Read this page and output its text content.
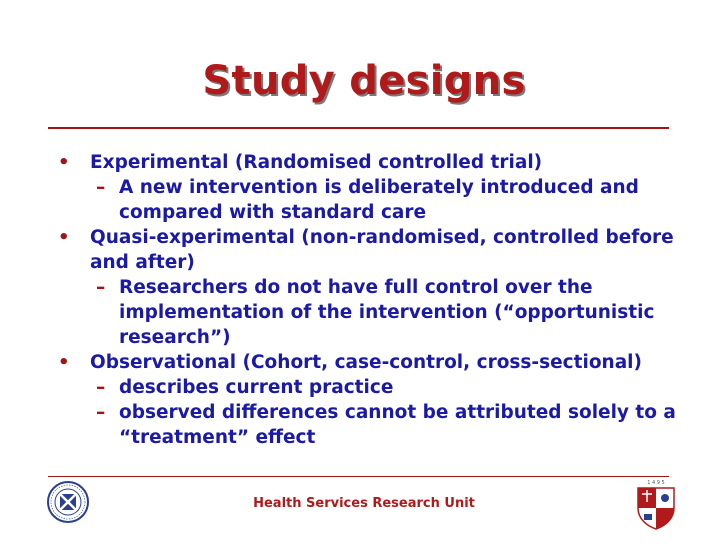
Study designs

• Experimental (Randomised controlled trial)

– A new intervention is deliberately introduced and compared with standard care

• Quasi-experimental (non-randomised, controlled before and after)

– Researchers do not have full control over the implementation of the intervention (“opportunistic research”)

• Observational (Cohort, case-control, cross-sectional)

– describes current practice

– observed differences cannot be attributed solely to a “treatment” effect

Health Services Research Unit
1 4 9 5
